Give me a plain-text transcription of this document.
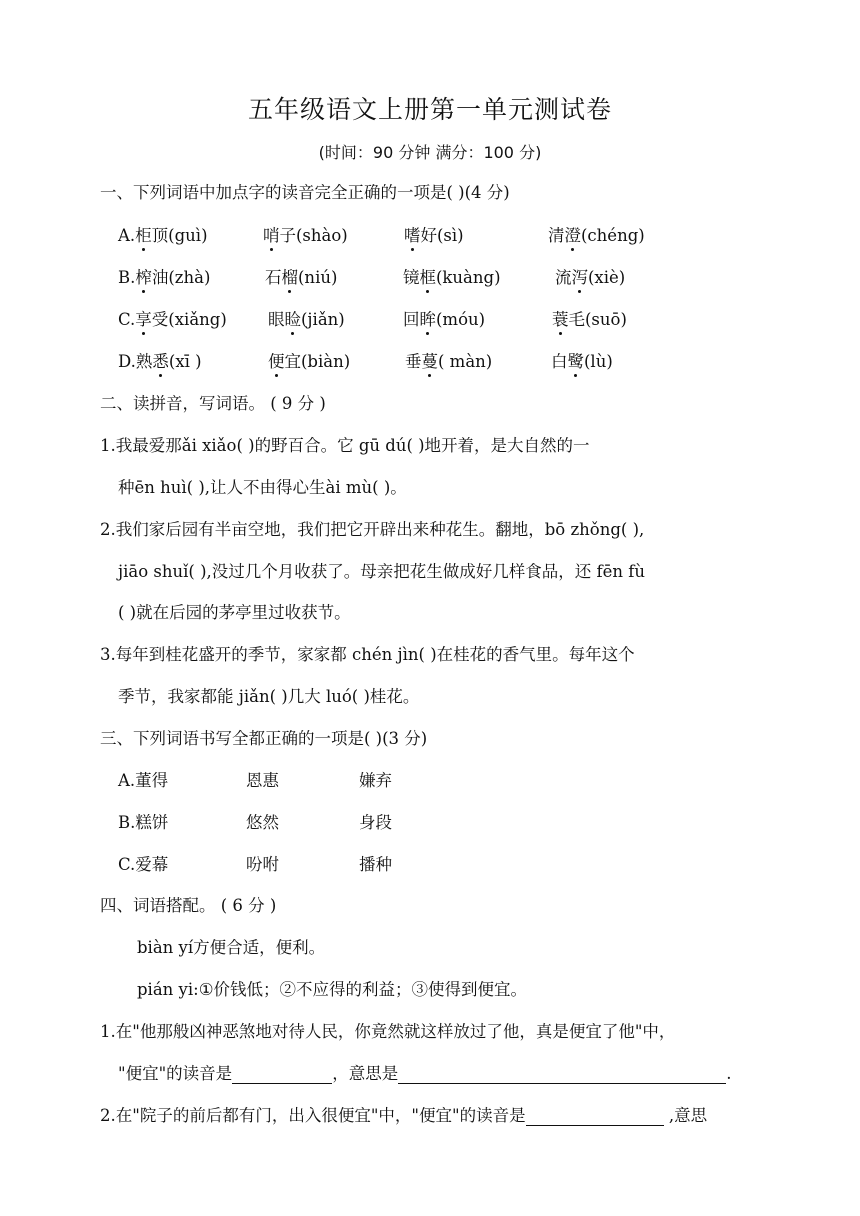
五年级语文上册第一单元测试卷
(时间：90 分钟 满分：100 分)
一、下列词语中加点字的读音完全正确的一项是( )(4 分)
A.柜顶(guì)	哨子(shào)	嗜好(sì)	清澄(chéng)
B.榨油(zhà)	石榴(niú)	镜框(kuàng)	流泻(xiè)
C.享受(xiǎng) 眼睑(jiǎn)	回眸(móu)	蓑毛(suō)
D.熟悉(xī )	便宜(biàn)	垂蔓( màn)	白鹭(lù)
二、读拼音，写词语。 ( 9 分 )
1.我最爱那ǎi xiǎo( )的野百合。它 gū dú( )地开着，是大自然的一
种ēn huì( ),让人不由得心生ài mù( )。
2.我们家后园有半亩空地，我们把它开辟出来种花生。翻地，bō zhǒng( ),
jiāo shuǐ( ),没过几个月收获了。母亲把花生做成好几样食品，还 fēn fù
( )就在后园的茅亭里过收获节。
3.每年到桂花盛开的季节，家家都 chén jìn( )在桂花的香气里。每年这个
季节，我家都能 jiǎn( )几大 luó( )桂花。
三、下列词语书写全都正确的一项是( )(3 分)
A.董得	恩惠	嫌弃
B.糕饼	悠然	身段
C.爱幕	吩咐	播种
四、词语搭配。 ( 6 分 )
biàn yí方便合适，便利。
pián yi:①价钱低；②不应得的利益；③使得到便宜。
1.在"他那般凶神恶煞地对待人民，你竟然就这样放过了他，真是便宜了他"中，
"便宜"的读音是	，意思是	.
2.在"院子的前后都有门，出入很便宜"中，"便宜"的读音是	,意思
